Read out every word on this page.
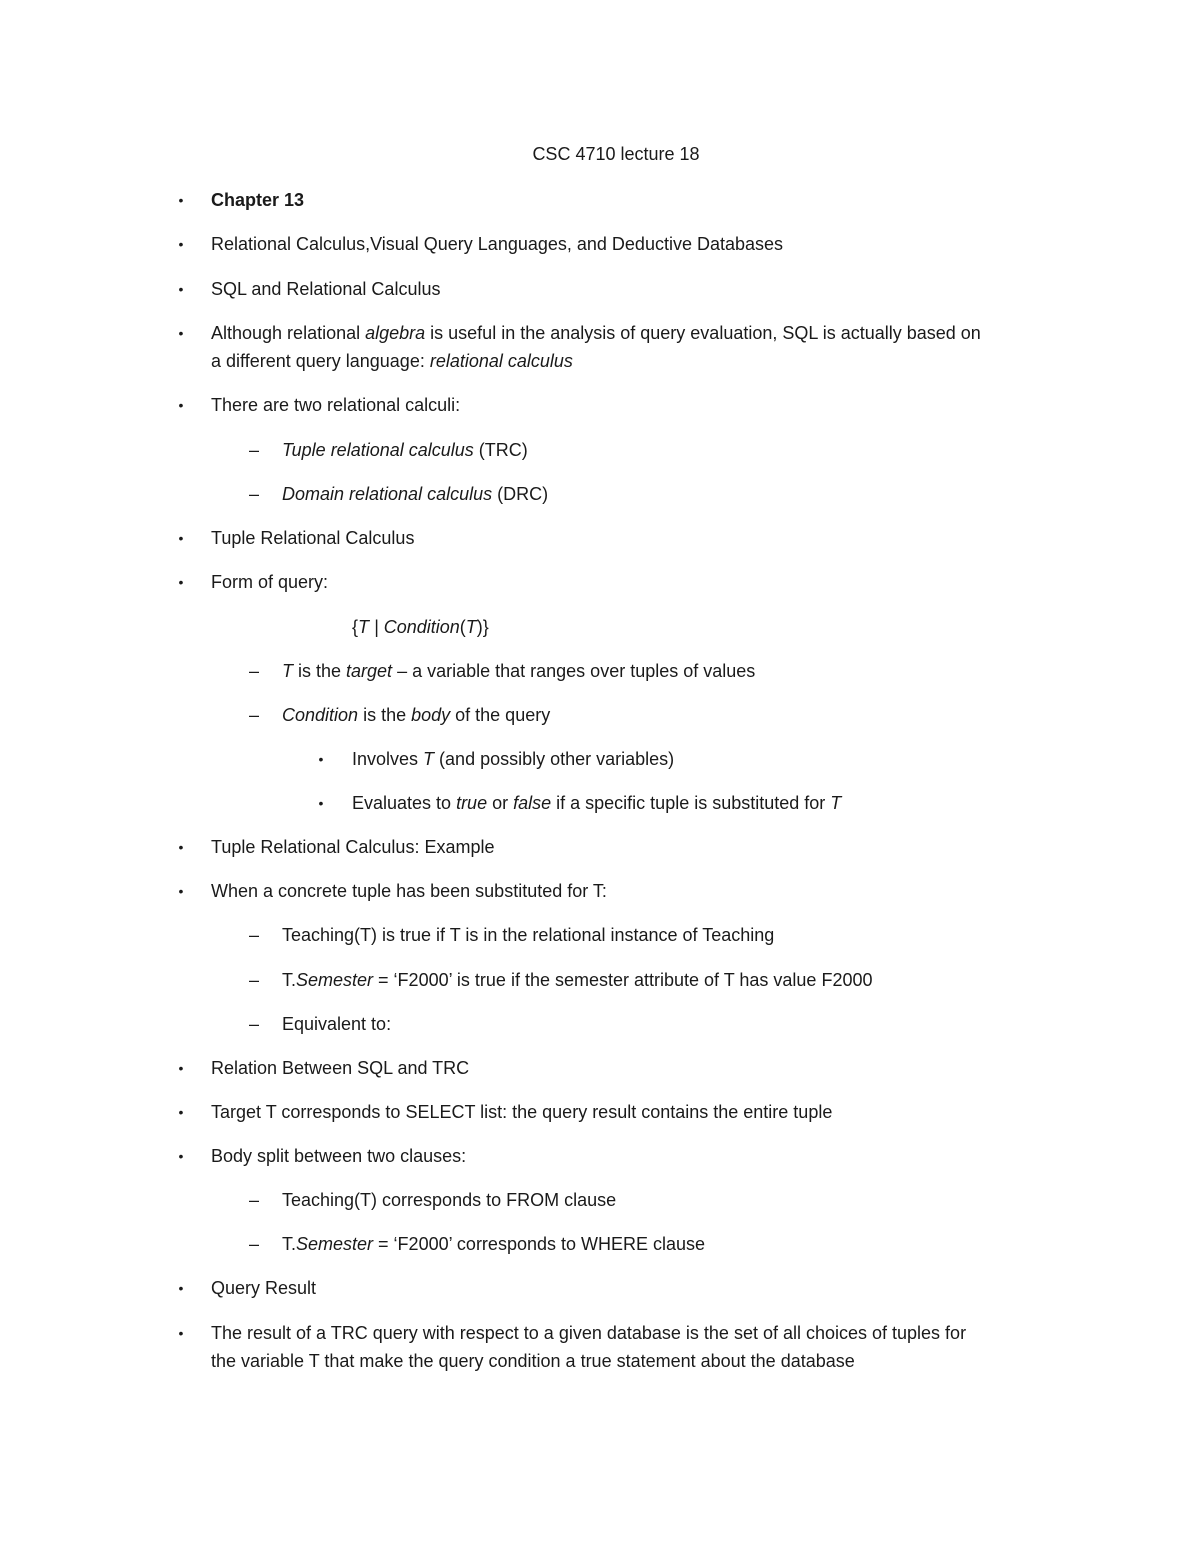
CSC 4710 lecture 18
• Chapter 13
• Relational Calculus,Visual Query Languages, and Deductive Databases
• SQL and Relational Calculus
• Although relational algebra is useful in the analysis of query evaluation, SQL is actually based on
a different query language: relational calculus
• There are two relational calculi:
– Tuple relational calculus (TRC)
– Domain relational calculus (DRC)
• Tuple Relational Calculus
• Form of query:
{T | Condition(T)}
– T is the target – a variable that ranges over tuples of values
– Condition is the body of the query
• Involves T (and possibly other variables)
• Evaluates to true or false if a specific tuple is substituted for T
• Tuple Relational Calculus: Example
• When a concrete tuple has been substituted for T:
– Teaching(T) is true if T is in the relational instance of Teaching
– T.Semester = ‘F2000’ is true if the semester attribute of T has value F2000
– Equivalent to:
• Relation Between SQL and TRC
• Target T corresponds to SELECT list: the query result contains the entire tuple
• Body split between two clauses:
– Teaching(T) corresponds to FROM clause
– T.Semester = ‘F2000’ corresponds to WHERE clause
• Query Result
• The result of a TRC query with respect to a given database is the set of all choices of tuples for
the variable T that make the query condition a true statement about the database
